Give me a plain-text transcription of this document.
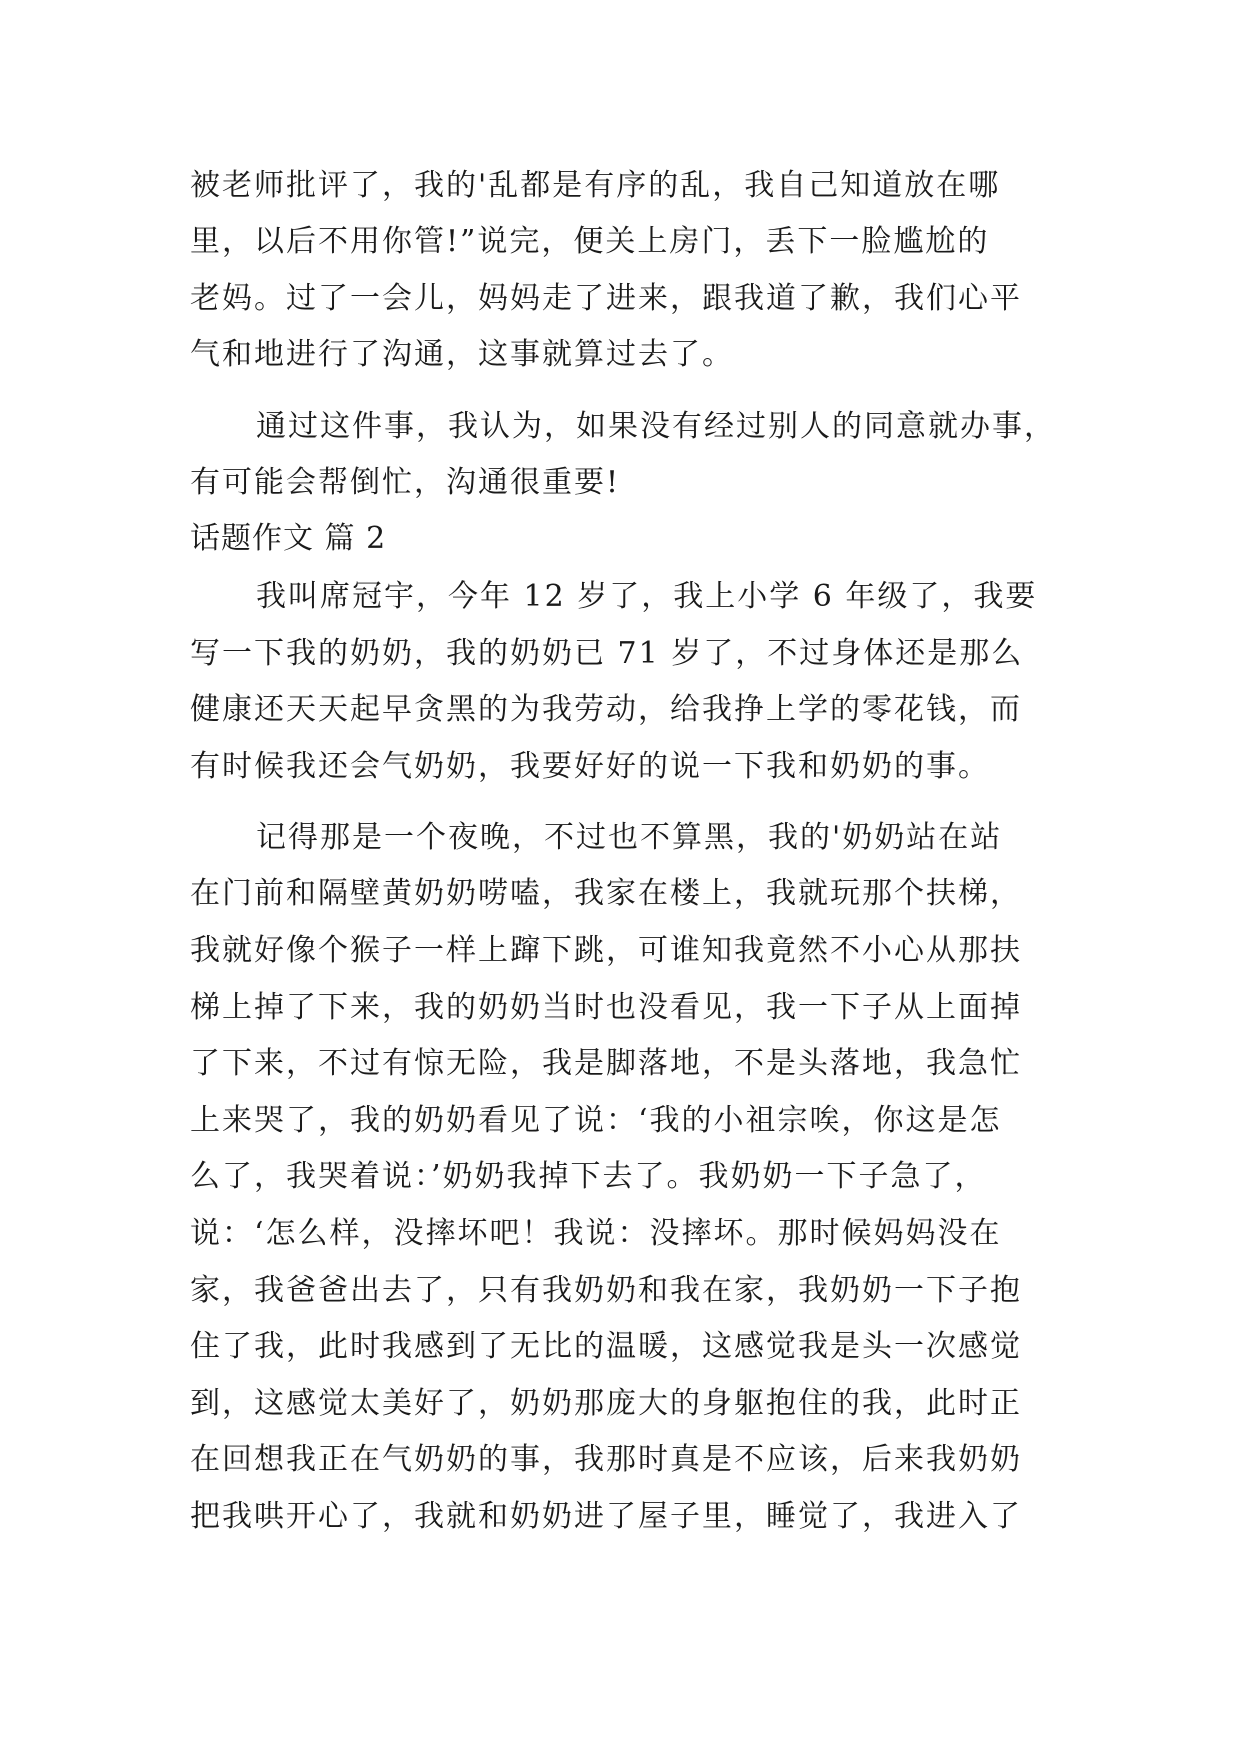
被老师批评了，我的'乱都是有序的乱，我自己知道放在哪
里，以后不用你管!”说完，便关上房门，丢下一脸尴尬的
老妈。过了一会儿，妈妈走了进来，跟我道了歉，我们心平
气和地进行了沟通，这事就算过去了。
通过这件事，我认为，如果没有经过别人的同意就办事，
有可能会帮倒忙，沟通很重要!
话题作文 篇 2
我叫席冠宇，今年 12 岁了，我上小学 6 年级了，我要
写一下我的奶奶，我的奶奶已 71 岁了，不过身体还是那么
健康还天天起早贪黑的为我劳动，给我挣上学的零花钱，而
有时候我还会气奶奶，我要好好的说一下我和奶奶的事。
记得那是一个夜晚，不过也不算黑，我的'奶奶站在站
在门前和隔壁黄奶奶唠嗑，我家在楼上，我就玩那个扶梯，
我就好像个猴子一样上蹿下跳，可谁知我竟然不小心从那扶
梯上掉了下来，我的奶奶当时也没看见，我一下子从上面掉
了下来，不过有惊无险，我是脚落地，不是头落地，我急忙
上来哭了，我的奶奶看见了说：‘我的小祖宗唉，你这是怎
么了，我哭着说：’奶奶我掉下去了。我奶奶一下子急了，
说：‘怎么样，没摔坏吧！我说：没摔坏。那时候妈妈没在
家，我爸爸出去了，只有我奶奶和我在家，我奶奶一下子抱
住了我，此时我感到了无比的温暖，这感觉我是头一次感觉
到，这感觉太美好了，奶奶那庞大的身躯抱住的我，此时正
在回想我正在气奶奶的事，我那时真是不应该，后来我奶奶
把我哄开心了，我就和奶奶进了屋子里，睡觉了，我进入了
